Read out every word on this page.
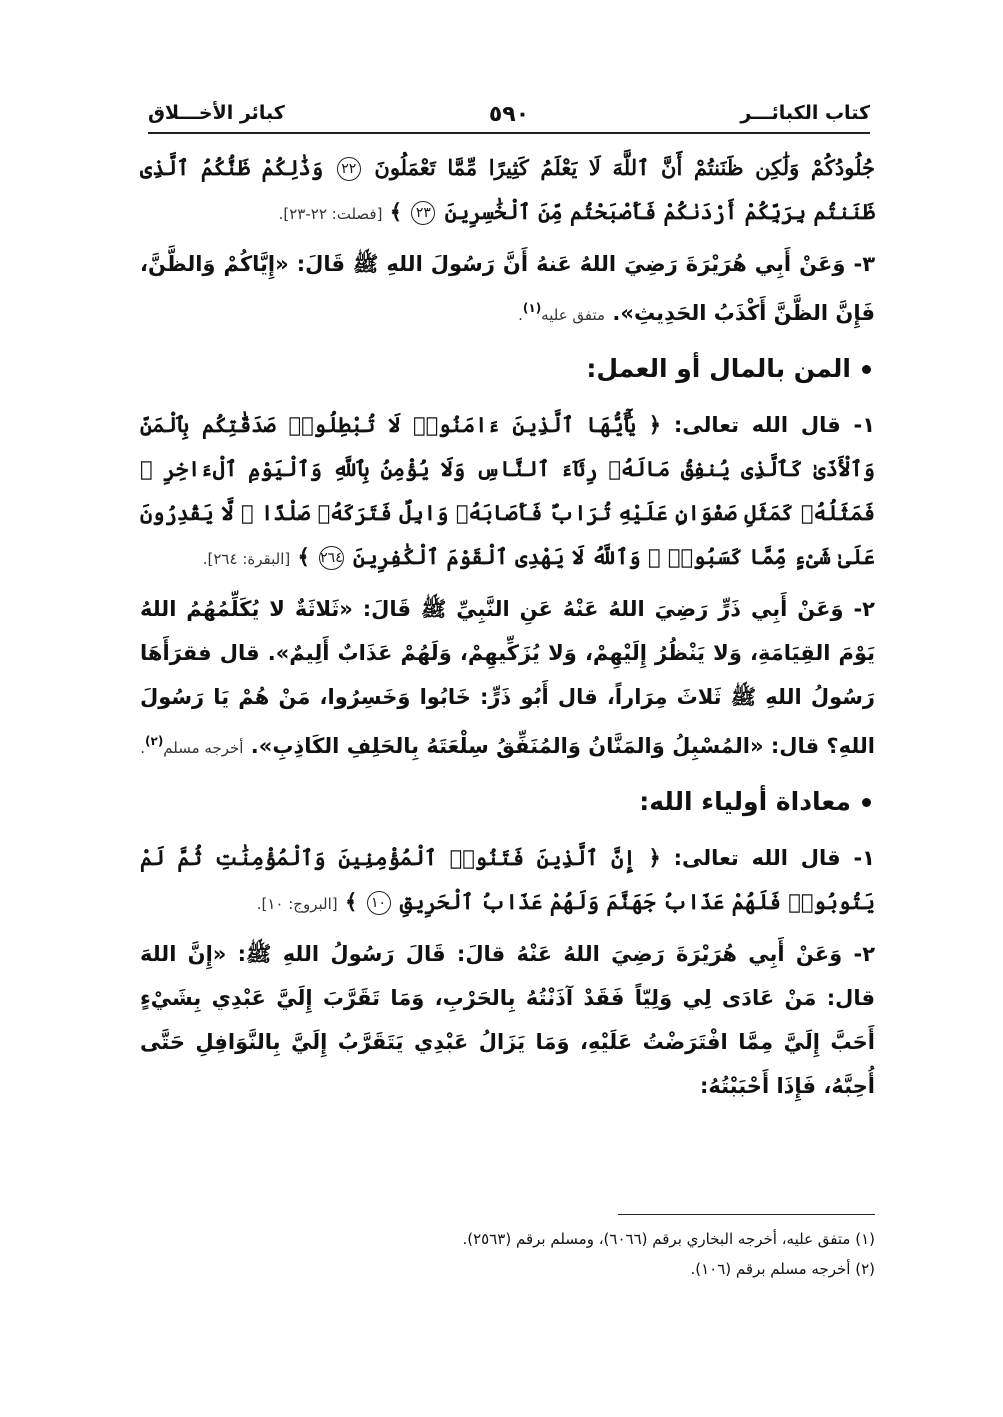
كتاب الكبائـــر
٥٩٠
كبائر الأخـــلاق

جُلُودُكُمْ وَلَٰكِن ظَنَنتُمْ أَنَّ ٱللَّهَ لَا يَعْلَمُ كَثِيرًا مِّمَّا تَعْمَلُونَ ٢٢ وَذَٰلِكُمْ ظَنُّكُمُ ٱلَّذِى ظَنَنتُم بِرَبِّكُمْ أَرْدَىٰكُمْ فَأَصْبَحْتُم مِّنَ ٱلْخَٰسِرِينَ ٢٣ ﴾ [فصلت: ٢٢-٢٣].

٣- وَعَنْ أَبِي هُرَيْرَةَ رَضِيَ اللهُ عَنهُ أَنَّ رَسُولَ اللهِ ﷺ قَالَ: «إِيَّاكُمْ وَالظَّنَّ، فَإِنَّ الظَّنَّ أَكْذَبُ الحَدِيثِ». متفق عليه$^{(١)}$.

المن بالمال أو العمل:

١- قال الله تعالى: ﴿ يَٰٓأَيُّهَا ٱلَّذِينَ ءَامَنُوا۟ لَا تُبْطِلُوا۟ صَدَقَٰتِكُم بِٱلْمَنِّ وَٱلْأَذَىٰ كَٱلَّذِى يُنفِقُ مَالَهُۥ رِئَآءَ ٱلنَّاسِ وَلَا يُؤْمِنُ بِٱللَّهِ وَٱلْيَوْمِ ٱلْءَاخِرِ ۖ فَمَثَلُهُۥ كَمَثَلِ صَفْوَانٍ عَلَيْهِ تُرَابٌ فَأَصَابَهُۥ وَابِلٌ فَتَرَكَهُۥ صَلْدًا ۖ لَّا يَقْدِرُونَ عَلَىٰ شَىْءٍ مِّمَّا كَسَبُوا۟ ۗ وَٱللَّهُ لَا يَهْدِى ٱلْقَوْمَ ٱلْكَٰفِرِينَ ٢٦٤ ﴾ [البقرة: ٢٦٤].

٢- وَعَنْ أَبِي ذَرٍّ رَضِيَ اللهُ عَنْهُ عَنِ النَّبِيِّ ﷺ قَالَ: «ثَلاثَةٌ لا يُكَلِّمُهُمُ اللهُ يَوْمَ القِيَامَةِ، وَلا يَنْظُرُ إِلَيْهِمْ، وَلا يُزَكِّيهِمْ، وَلَهُمْ عَذَابٌ أَلِيمٌ». قال فقرَأَهَا رَسُولُ اللهِ ﷺ ثَلاثَ مِرَاراً، قال أَبُو ذَرٍّ: خَابُوا وَخَسِرُوا، مَنْ هُمْ يَا رَسُولَ اللهِ؟ قال: «المُسْبِلُ وَالمَنَّانُ وَالمُنَفِّقُ سِلْعَتَهُ بِالحَلِفِ الكَاذِبِ». أخرجه مسلم$^{(٢)}$.

معاداة أولياء الله:

١- قال الله تعالى: ﴿ إِنَّ ٱلَّذِينَ فَتَنُوا۟ ٱلْمُؤْمِنِينَ وَٱلْمُؤْمِنَٰتِ ثُمَّ لَمْ يَتُوبُوا۟ فَلَهُمْ عَذَابُ جَهَنَّمَ وَلَهُمْ عَذَابُ ٱلْحَرِيقِ ١٠ ﴾ [البروج: ١٠].

٢- وَعَنْ أَبِي هُرَيْرَةَ رَضِيَ اللهُ عَنْهُ قالَ: قَالَ رَسُولُ اللهِ ﷺ: «إِنَّ اللهَ قال: مَنْ عَادَى لِي وَلِيّاً فَقَدْ آذَنْتُهُ بِالحَرْبِ، وَمَا تَقَرَّبَ إِلَيَّ عَبْدِي بِشَيْءٍ أَحَبَّ إِلَيَّ مِمَّا افْتَرَضْتُ عَلَيْهِ، وَمَا يَزَالُ عَبْدِي يَتَقَرَّبُ إِلَيَّ بِالنَّوَافِلِ حَتَّى أُحِبَّهُ، فَإِذَا أَحْبَبْتُهُ:

(١) متفق عليه، أخرجه البخاري برقم (٦٠٦٦)، ومسلم برقم (٢٥٦٣).
(٢) أخرجه مسلم برقم (١٠٦).
